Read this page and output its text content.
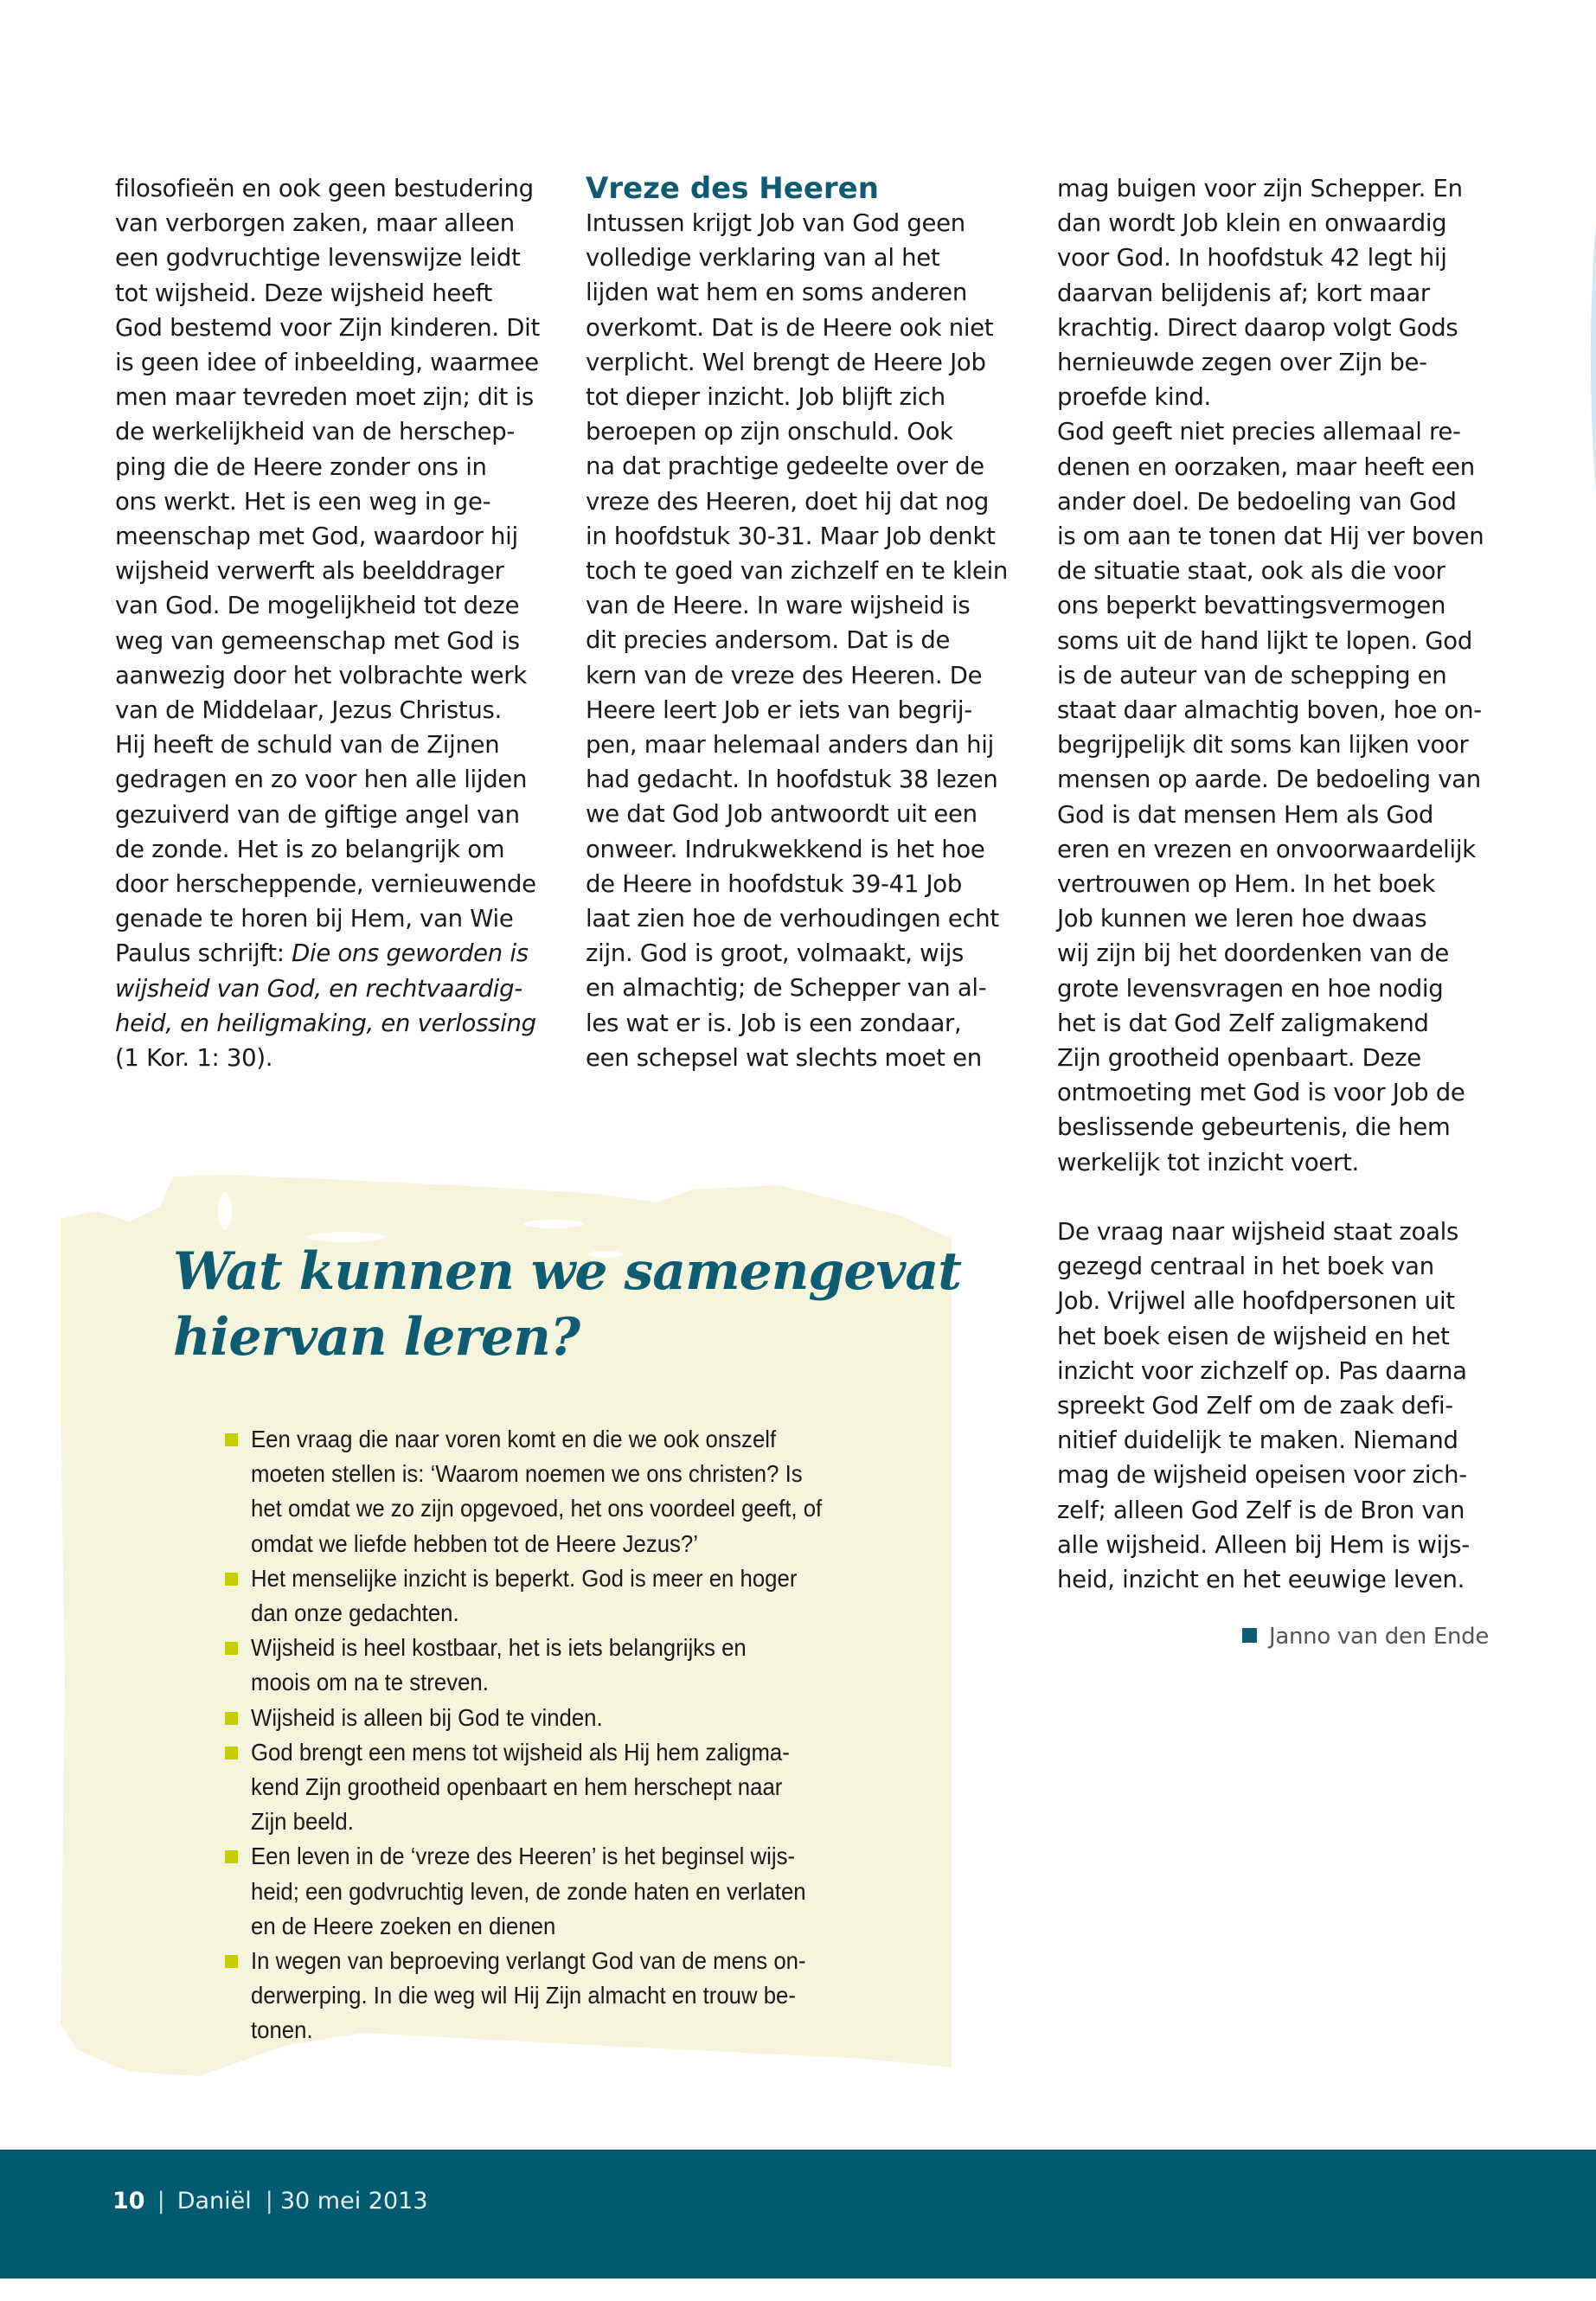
filosofieën en ook geen bestudering
van verborgen zaken, maar alleen
een godvruchtige levenswijze leidt
tot wijsheid. Deze wijsheid heeft
God bestemd voor Zijn kinderen. Dit
is geen idee of inbeelding, waarmee
men maar tevreden moet zijn; dit is
de werkelijkheid van de herschep-
ping die de Heere zonder ons in
ons werkt. Het is een weg in ge-
meenschap met God, waardoor hij
wijsheid verwerft als beelddrager
van God. De mogelijkheid tot deze
weg van gemeenschap met God is
aanwezig door het volbrachte werk
van de Middelaar, Jezus Christus.
Hij heeft de schuld van de Zijnen
gedragen en zo voor hen alle lijden
gezuiverd van de giftige angel van
de zonde. Het is zo belangrijk om
door herscheppende, vernieuwende
genade te horen bij Hem, van Wie
Paulus schrijft: Die ons geworden is
wijsheid van God, en rechtvaardig-
heid, en heiligmaking, en verlossing
(1 Kor. 1: 30).

Vreze des Heeren

Intussen krijgt Job van God geen
volledige verklaring van al het
lijden wat hem en soms anderen
overkomt. Dat is de Heere ook niet
verplicht. Wel brengt de Heere Job
tot dieper inzicht. Job blijft zich
beroepen op zijn onschuld. Ook
na dat prachtige gedeelte over de
vreze des Heeren, doet hij dat nog
in hoofdstuk 30-31. Maar Job denkt
toch te goed van zichzelf en te klein
van de Heere. In ware wijsheid is
dit precies andersom. Dat is de
kern van de vreze des Heeren. De
Heere leert Job er iets van begrij-
pen, maar helemaal anders dan hij
had gedacht. In hoofdstuk 38 lezen
we dat God Job antwoordt uit een
onweer. Indrukwekkend is het hoe
de Heere in hoofdstuk 39-41 Job
laat zien hoe de verhoudingen echt
zijn. God is groot, volmaakt, wijs
en almachtig; de Schepper van al-
les wat er is. Job is een zondaar,
een schepsel wat slechts moet en

mag buigen voor zijn Schepper. En
dan wordt Job klein en onwaardig
voor God. In hoofdstuk 42 legt hij
daarvan belijdenis af; kort maar
krachtig. Direct daarop volgt Gods
hernieuwde zegen over Zijn be-
proefde kind.

God geeft niet precies allemaal re-
denen en oorzaken, maar heeft een
ander doel. De bedoeling van God
is om aan te tonen dat Hij ver boven
de situatie staat, ook als die voor
ons beperkt bevattingsvermogen
soms uit de hand lijkt te lopen. God
is de auteur van de schepping en
staat daar almachtig boven, hoe on-
begrijpelijk dit soms kan lijken voor
mensen op aarde. De bedoeling van
God is dat mensen Hem als God
eren en vrezen en onvoorwaardelijk
vertrouwen op Hem. In het boek
Job kunnen we leren hoe dwaas
wij zijn bij het doordenken van de
grote levensvragen en hoe nodig
het is dat God Zelf zaligmakend
Zijn grootheid openbaart. Deze
ontmoeting met God is voor Job de
beslissende gebeurtenis, die hem
werkelijk tot inzicht voert.

De vraag naar wijsheid staat zoals
gezegd centraal in het boek van
Job. Vrijwel alle hoofdpersonen uit
het boek eisen de wijsheid en het
inzicht voor zichzelf op. Pas daarna
spreekt God Zelf om de zaak defi-
nitief duidelijk te maken. Niemand
mag de wijsheid opeisen voor zich-
zelf; alleen God Zelf is de Bron van
alle wijsheid. Alleen bij Hem is wijs-
heid, inzicht en het eeuwige leven.

Janno van den Ende
Wat kunnen we samengevat
hiervan leren?
Een vraag die naar voren komt en die we ook onszelf
moeten stellen is: ‘Waarom noemen we ons christen? Is
het omdat we zo zijn opgevoed, het ons voordeel geeft, of
omdat we liefde hebben tot de Heere Jezus?’
Het menselijke inzicht is beperkt. God is meer en hoger
dan onze gedachten.
Wijsheid is heel kostbaar, het is iets belangrijks en
moois om na te streven.
Wijsheid is alleen bij God te vinden.
God brengt een mens tot wijsheid als Hij hem zaligma-
kend Zijn grootheid openbaart en hem herschept naar
Zijn beeld.
Een leven in de ‘vreze des Heeren’ is het beginsel wijs-
heid; een godvruchtig leven, de zonde haten en verlaten
en de Heere zoeken en dienen
In wegen van beproeving verlangt God van de mens on-
derwerping. In die weg wil Hij Zijn almacht en trouw be-
tonen.
10 | Daniël | 30 mei 2013
